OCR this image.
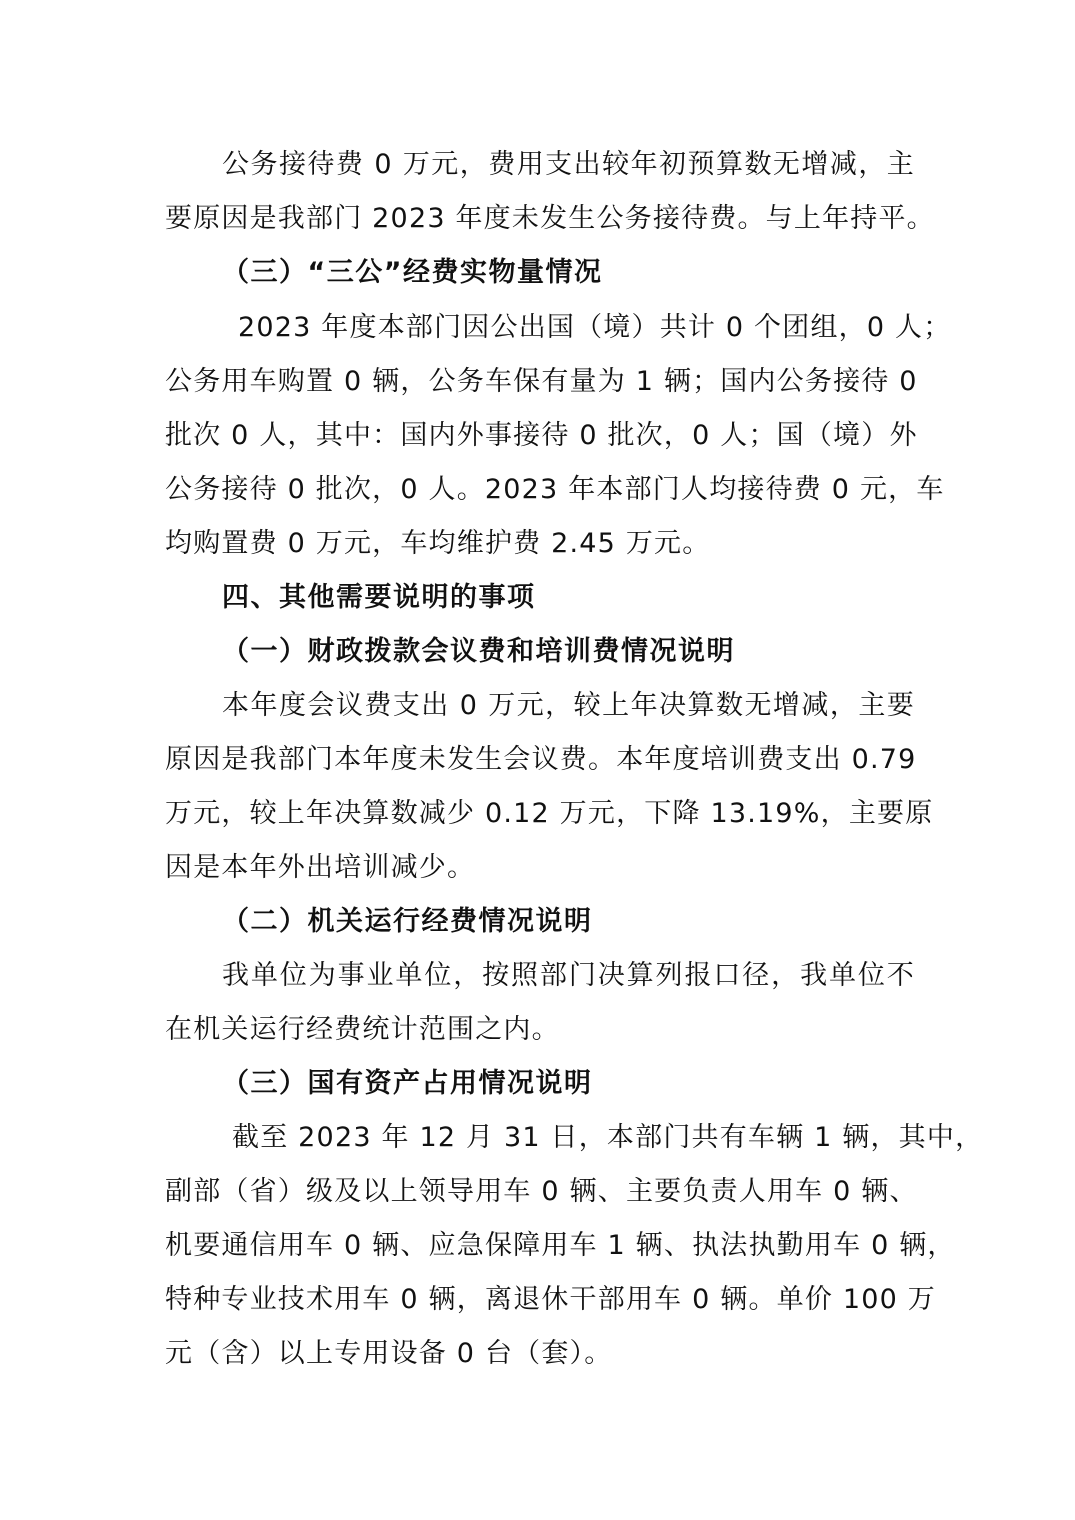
公务接待费 0 万元，费用支出较年初预算数无增减，主
要原因是我部门 2023 年度未发生公务接待费。与上年持平。
（三）“三公”经费实物量情况
2023 年度本部门因公出国（境）共计 0 个团组，0 人；
公务用车购置 0 辆，公务车保有量为 1 辆；国内公务接待 0
批次 0 人，其中：国内外事接待 0 批次，0 人；国（境）外
公务接待 0 批次，0 人。2023 年本部门人均接待费 0 元，车
均购置费 0 万元，车均维护费 2.45 万元。
四、其他需要说明的事项
（一）财政拨款会议费和培训费情况说明
本年度会议费支出 0 万元，较上年决算数无增减，主要
原因是我部门本年度未发生会议费。本年度培训费支出 0.79
万元，较上年决算数减少 0.12 万元，下降 13.19%，主要原
因是本年外出培训减少。
（二）机关运行经费情况说明
我单位为事业单位，按照部门决算列报口径，我单位不
在机关运行经费统计范围之内。
（三）国有资产占用情况说明
截至 2023 年 12 月 31 日，本部门共有车辆 1 辆，其中，
副部（省）级及以上领导用车 0 辆、主要负责人用车 0 辆、
机要通信用车 0 辆、应急保障用车 1 辆、执法执勤用车 0 辆，
特种专业技术用车 0 辆，离退休干部用车 0 辆。单价 100 万
元（含）以上专用设备 0 台（套）。
